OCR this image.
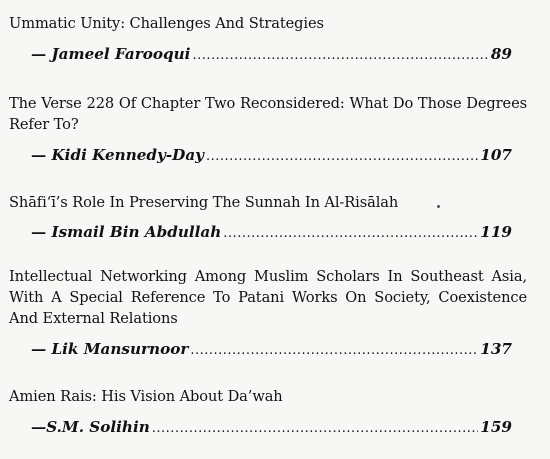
Ummatic Unity: Challenges And Strategies
— Jameel Farooqui .....	89
The Verse 228 Of Chapter Two Reconsidered: What Do Those Degrees Refer To?
— Kidi Kennedy-Day .....	107
Shāfi‘ī’s Role In Preserving The Sunnah In Al-Risālah
— Ismail Bin Abdullah .....	119
Intellectual Networking Among Muslim Scholars In Southeast Asia, With A Special Reference To Patani Works On Society, Coexistence And External Relations
— Lik Mansurnoor .....	137
Amien Rais: His Vision About Da’wah
—S.M. Solihin .....	159
